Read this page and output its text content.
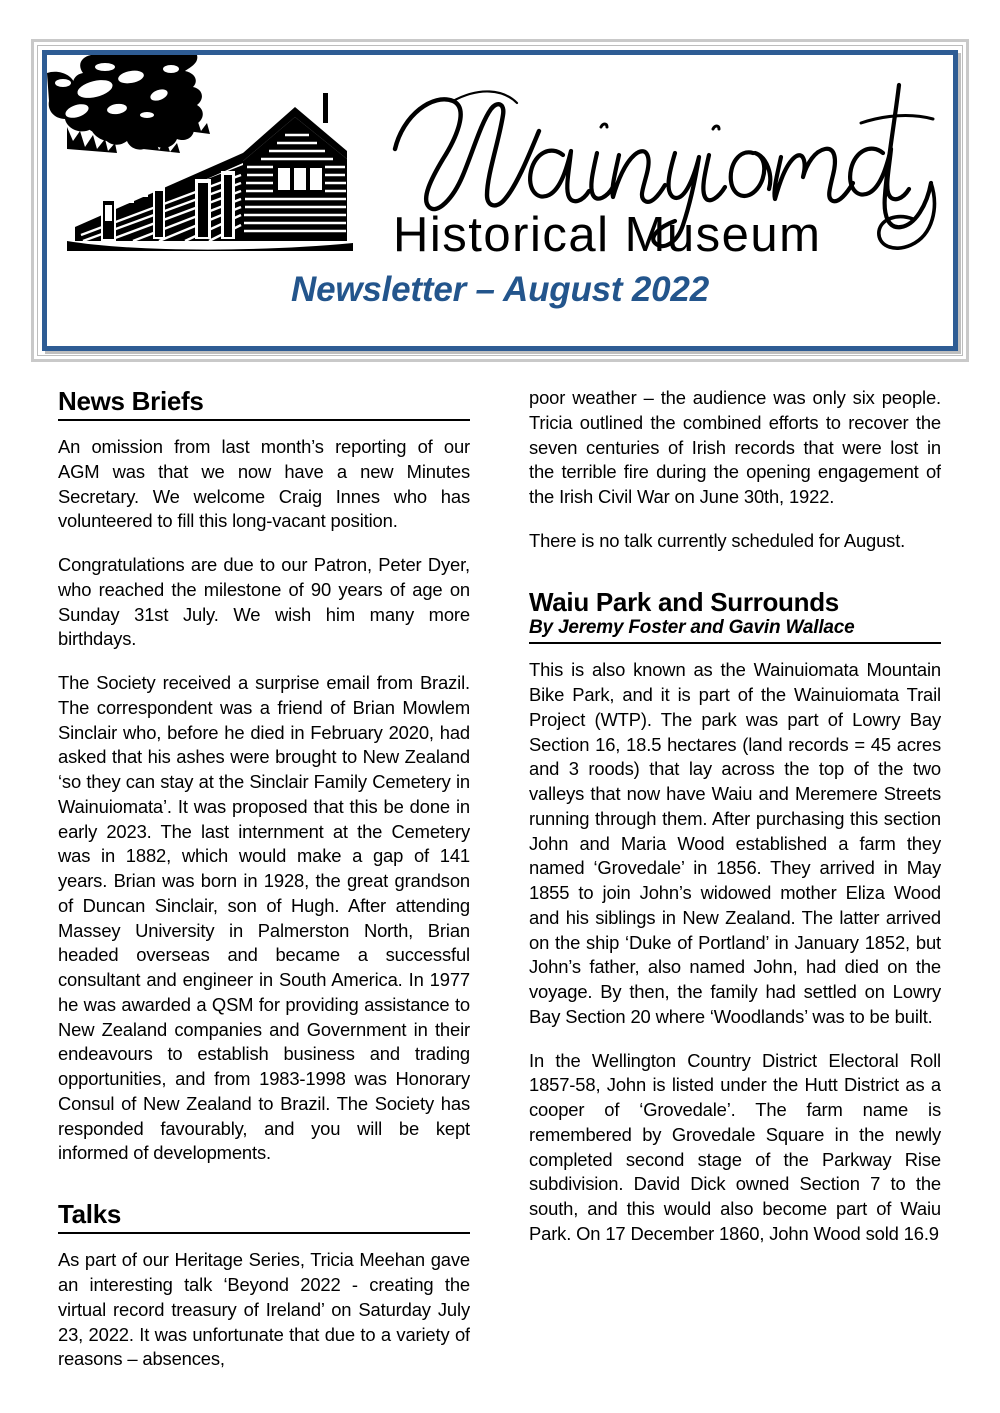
Historical Museum
Newsletter – August 2022
News Briefs

An omission from last month’s reporting of our AGM was that we now have a new Minutes Secretary. We welcome Craig Innes who has volunteered to fill this long-vacant position.

Congratulations are due to our Patron, Peter Dyer, who reached the milestone of 90 years of age on Sunday 31st July. We wish him many more birthdays.

The Society received a surprise email from Brazil. The correspondent was a friend of Brian Mowlem Sinclair who, before he died in February 2020, had asked that his ashes were brought to New Zealand ‘so they can stay at the Sinclair Family Cemetery in Wainuiomata’. It was proposed that this be done in early 2023. The last internment at the Cemetery was in 1882, which would make a gap of 141 years. Brian was born in 1928, the great grandson of Duncan Sinclair, son of Hugh. After attending Massey University in Palmerston North, Brian headed overseas and became a successful consultant and engineer in South America. In 1977 he was awarded a QSM for providing assistance to New Zealand companies and Government in their endeavours to establish business and trading opportunities, and from 1983-1998 was Honorary Consul of New Zealand to Brazil. The Society has responded favourably, and you will be kept informed of developments.

Talks

As part of our Heritage Series, Tricia Meehan gave an interesting talk ‘Beyond 2022 - creating the virtual record treasury of Ireland’ on Saturday July 23, 2022. It was unfortunate that due to a variety of reasons – absences,

poor weather – the audience was only six people. Tricia outlined the combined efforts to recover the seven centuries of Irish records that were lost in the terrible fire during the opening engagement of the Irish Civil War on June 30th, 1922.

There is no talk currently scheduled for August.

Waiu Park and Surrounds

By Jeremy Foster and Gavin Wallace

This is also known as the Wainuiomata Mountain Bike Park, and it is part of the Wainuiomata Trail Project (WTP). The park was part of Lowry Bay Section 16, 18.5 hectares (land records = 45 acres and 3 roods) that lay across the top of the two valleys that now have Waiu and Meremere Streets running through them. After purchasing this section John and Maria Wood established a farm they named ‘Grovedale’ in 1856. They arrived in May 1855 to join John’s widowed mother Eliza Wood and his siblings in New Zealand. The latter arrived on the ship ‘Duke of Portland’ in January 1852, but John’s father, also named John, had died on the voyage. By then, the family had settled on Lowry Bay Section 20 where ‘Woodlands’ was to be built.

In the Wellington Country District Electoral Roll 1857-58, John is listed under the Hutt District as a cooper of ‘Grovedale’. The farm name is remembered by Grovedale Square in the newly completed second stage of the Parkway Rise subdivision. David Dick owned Section 7 to the south, and this would also become part of Waiu Park. On 17 December 1860, John Wood sold 16.9
